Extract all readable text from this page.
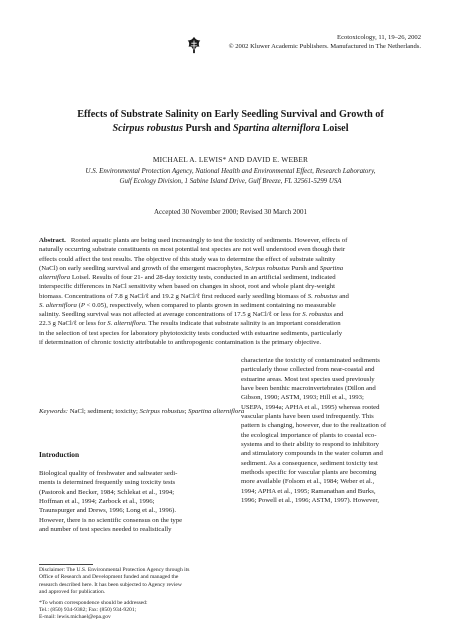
Ecotoxicology, 11, 19–26, 2002
© 2002 Kluwer Academic Publishers. Manufactured in The Netherlands.
Effects of Substrate Salinity on Early Seedling Survival and Growth of
Scirpus robustus Pursh and Spartina alterniflora Loisel
MICHAEL A. LEWIS* AND DAVID E. WEBER
U.S. Environmental Protection Agency, National Health and Environmental Effect, Research Laboratory,
Gulf Ecology Division, 1 Sabine Island Drive, Gulf Breeze, FL 32561-5299 USA
Accepted 30 November 2000; Revised 30 March 2001
Abstract. Rooted aquatic plants are being used increasingly to test the toxicity of sediments. However, effects of
naturally occurring substrate constituents on most potential test species are not well understood even though their
effects could affect the test results. The objective of this study was to determine the effect of substrate salinity
(NaCl) on early seedling survival and growth of the emergent macrophytes, Scirpus robustus Pursh and Spartina
alterniflora Loisel. Results of four 21- and 28-day toxicity tests, conducted in an artificial sediment, indicated
interspecific differences in NaCl sensitivity when based on changes in shoot, root and whole plant dry-weight
biomass. Concentrations of 7.8 g NaCl/ℓ and 19.2 g NaCl/ℓ first reduced early seedling biomass of S. robustus and
S. alterniflora (P < 0.05), respectively, when compared to plants grown in sediment containing no measurable
salinity. Seedling survival was not affected at average concentrations of 17.5 g NaCl/ℓ or less for S. robustus and
22.3 g NaCl/ℓ or less for S. alterniflora. The results indicate that substrate salinity is an important consideration
in the selection of test species for laboratory phytotoxicity tests conducted with estuarine sediments, particularly
if determination of chronic toxicity attributable to anthropogenic contamination is the primary objective.
Keywords: NaCl; sediment; toxicity; Scirpus robustus; Spartina alterniflora
Introduction
Biological quality of freshwater and saltwater sedi-
ments is determined frequently using toxicity tests
(Pastorok and Becker, 1984; Schlekat et al., 1994;
Hoffman et al., 1994; Zarbock et al., 1996;
Traunspurger and Drews, 1996; Long et al., 1996).
However, there is no scientific consensus on the type
and number of test species needed to realistically
characterize the toxicity of contaminated sediments
particularly those collected from near-coastal and
estuarine areas. Most test species used previously
have been benthic macroinvertebrates (Dillon and
Gibson, 1990; ASTM, 1993; Hill et al., 1993;
USEPA, 1994a; APHA et al., 1995) whereas rooted
vascular plants have been used infrequently. This
pattern is changing, however, due to the realization of
the ecological importance of plants to coastal eco-
systems and to their ability to respond to inhibitory
and stimulatory compounds in the water column and
sediment. As a consequence, sediment toxicity test
methods specific for vascular plants are becoming
more available (Folsom et al., 1984; Weber et al.,
1994; APHA et al., 1995; Ramanathan and Burks,
1996; Powell et al., 1996; ASTM, 1997). However,
Disclaimer: The U.S. Environmental Protection Agency through its
Office of Research and Development funded and managed the
research described here. It has been subjected to Agency review
and approved for publication.
*To whom correspondence should be addressed:
Tel.: (850) 934-9382; Fax: (850) 934-9201;
E-mail: lewis.michael@epa.gov
